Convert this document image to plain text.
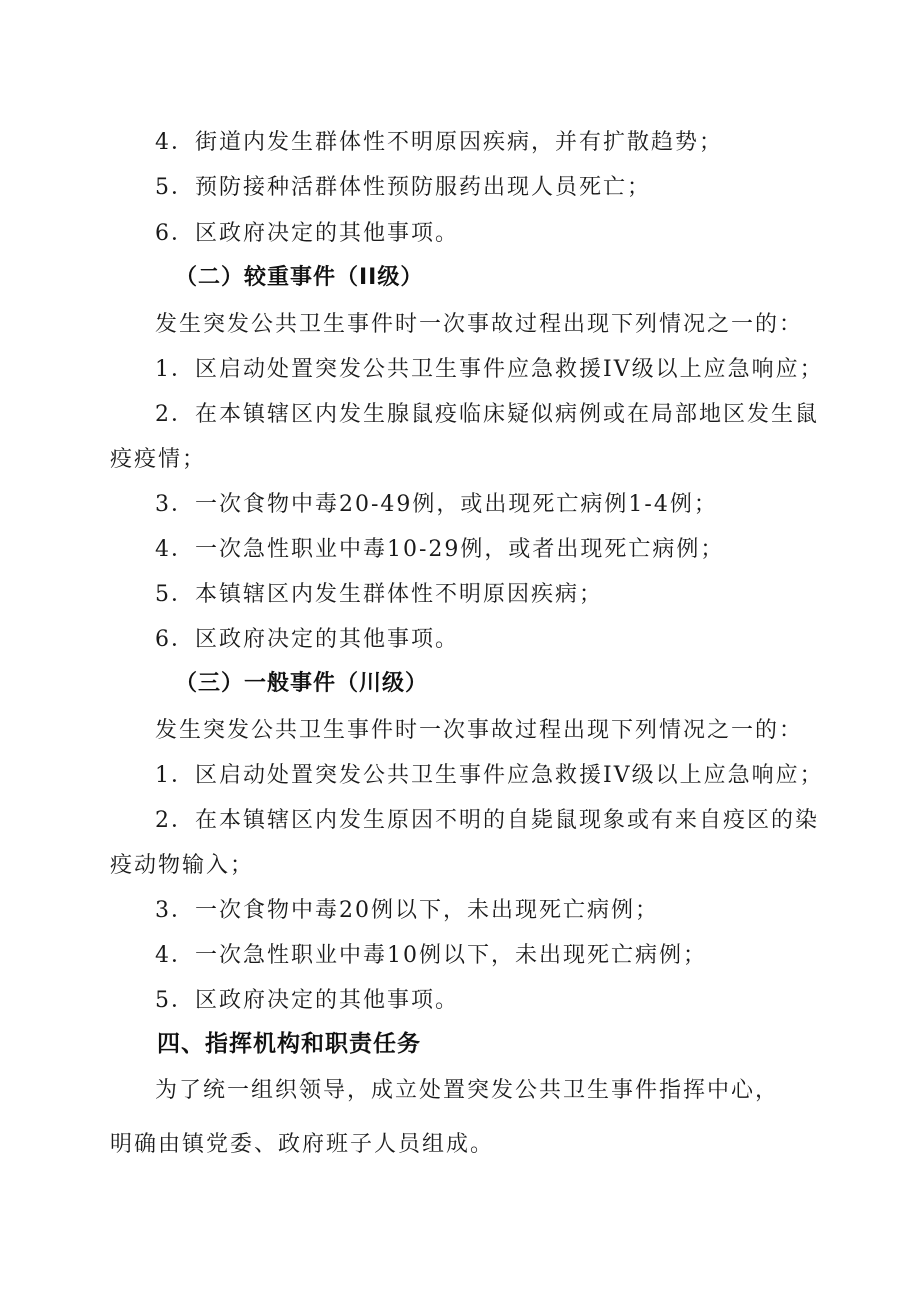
4．街道内发生群体性不明原因疾病，并有扩散趋势；

5．预防接种活群体性预防服药出现人员死亡；

6．区政府决定的其他事项。

（二）较重事件（II级）

发生突发公共卫生事件时一次事故过程出现下列情况之一的：

1．区启动处置突发公共卫生事件应急救援IV级以上应急响应；

2．在本镇辖区内发生腺鼠疫临床疑似病例或在局部地区发生鼠

疫疫情；

3．一次食物中毒20-49例，或出现死亡病例1-4例；

4．一次急性职业中毒10-29例，或者出现死亡病例；

5．本镇辖区内发生群体性不明原因疾病；

6．区政府决定的其他事项。

（三）一般事件（川级）

发生突发公共卫生事件时一次事故过程出现下列情况之一的：

1．区启动处置突发公共卫生事件应急救援IV级以上应急响应；

2．在本镇辖区内发生原因不明的自毙鼠现象或有来自疫区的染

疫动物输入；

3．一次食物中毒20例以下，未出现死亡病例；

4．一次急性职业中毒10例以下，未出现死亡病例；

5．区政府决定的其他事项。

四、指挥机构和职责任务

为了统一组织领导，成立处置突发公共卫生事件指挥中心，

明确由镇党委、政府班子人员组成。
